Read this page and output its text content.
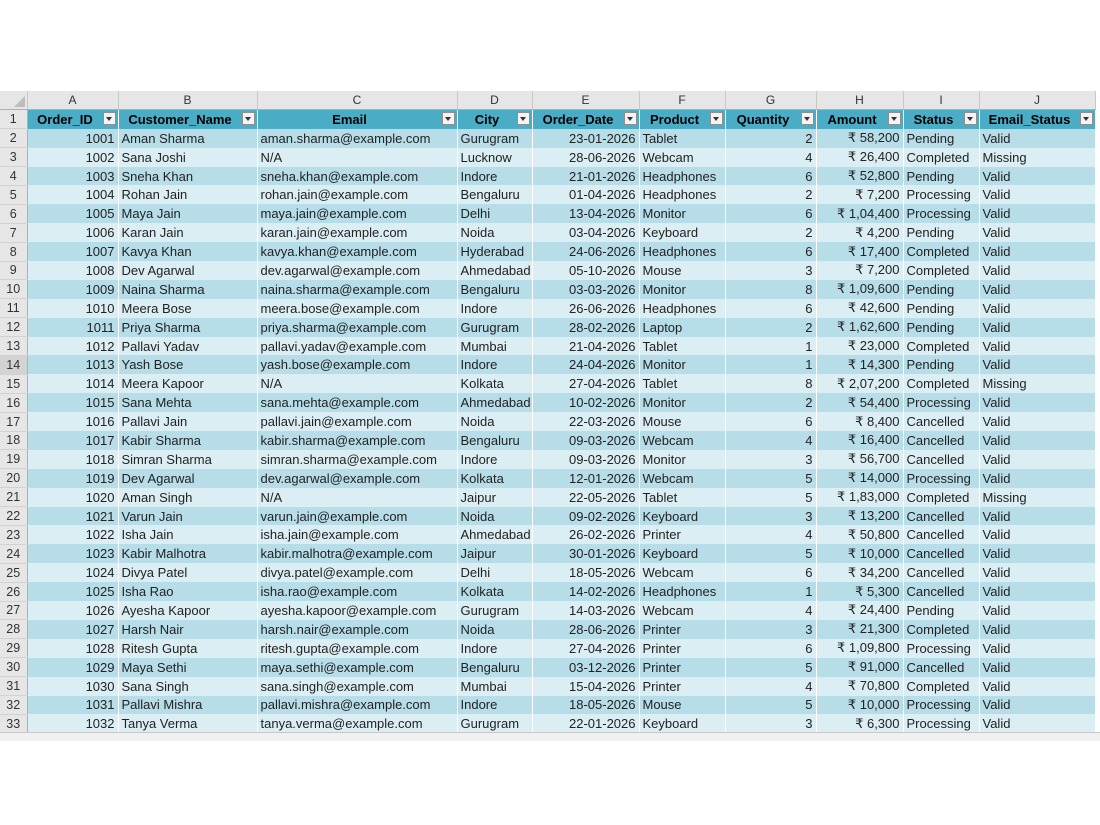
	A	B	C	D	E	F	G	H	I	J
1	Order_ID	Customer_Name	Email	City	Order_Date	Product	Quantity	Amount	Status	Email_Status

2	1001	Aman Sharma	aman.sharma@example.com	Gurugram	23-01-2026	Tablet	2	₹ 58,200	Pending	Valid
3	1002	Sana Joshi	N/A	Lucknow	28-06-2026	Webcam	4	₹ 26,400	Completed	Missing
4	1003	Sneha Khan	sneha.khan@example.com	Indore	21-01-2026	Headphones	6	₹ 52,800	Pending	Valid
5	1004	Rohan Jain	rohan.jain@example.com	Bengaluru	01-04-2026	Headphones	2	₹ 7,200	Processing	Valid
6	1005	Maya Jain	maya.jain@example.com	Delhi	13-04-2026	Monitor	6	₹ 1,04,400	Processing	Valid
7	1006	Karan Jain	karan.jain@example.com	Noida	03-04-2026	Keyboard	2	₹ 4,200	Pending	Valid
8	1007	Kavya Khan	kavya.khan@example.com	Hyderabad	24-06-2026	Headphones	6	₹ 17,400	Completed	Valid
9	1008	Dev Agarwal	dev.agarwal@example.com	Ahmedabad	05-10-2026	Mouse	3	₹ 7,200	Completed	Valid
10	1009	Naina Sharma	naina.sharma@example.com	Bengaluru	03-03-2026	Monitor	8	₹ 1,09,600	Pending	Valid
11	1010	Meera Bose	meera.bose@example.com	Indore	26-06-2026	Headphones	6	₹ 42,600	Pending	Valid
12	1011	Priya Sharma	priya.sharma@example.com	Gurugram	28-02-2026	Laptop	2	₹ 1,62,600	Pending	Valid
13	1012	Pallavi Yadav	pallavi.yadav@example.com	Mumbai	21-04-2026	Tablet	1	₹ 23,000	Completed	Valid
14	1013	Yash Bose	yash.bose@example.com	Indore	24-04-2026	Monitor	1	₹ 14,300	Pending	Valid
15	1014	Meera Kapoor	N/A	Kolkata	27-04-2026	Tablet	8	₹ 2,07,200	Completed	Missing
16	1015	Sana Mehta	sana.mehta@example.com	Ahmedabad	10-02-2026	Monitor	2	₹ 54,400	Processing	Valid
17	1016	Pallavi Jain	pallavi.jain@example.com	Noida	22-03-2026	Mouse	6	₹ 8,400	Cancelled	Valid
18	1017	Kabir Sharma	kabir.sharma@example.com	Bengaluru	09-03-2026	Webcam	4	₹ 16,400	Cancelled	Valid
19	1018	Simran Sharma	simran.sharma@example.com	Indore	09-03-2026	Monitor	3	₹ 56,700	Cancelled	Valid
20	1019	Dev Agarwal	dev.agarwal@example.com	Kolkata	12-01-2026	Webcam	5	₹ 14,000	Processing	Valid
21	1020	Aman Singh	N/A	Jaipur	22-05-2026	Tablet	5	₹ 1,83,000	Completed	Missing
22	1021	Varun Jain	varun.jain@example.com	Noida	09-02-2026	Keyboard	3	₹ 13,200	Cancelled	Valid
23	1022	Isha Jain	isha.jain@example.com	Ahmedabad	26-02-2026	Printer	4	₹ 50,800	Cancelled	Valid
24	1023	Kabir Malhotra	kabir.malhotra@example.com	Jaipur	30-01-2026	Keyboard	5	₹ 10,000	Cancelled	Valid
25	1024	Divya Patel	divya.patel@example.com	Delhi	18-05-2026	Webcam	6	₹ 34,200	Cancelled	Valid
26	1025	Isha Rao	isha.rao@example.com	Kolkata	14-02-2026	Headphones	1	₹ 5,300	Cancelled	Valid
27	1026	Ayesha Kapoor	ayesha.kapoor@example.com	Gurugram	14-03-2026	Webcam	4	₹ 24,400	Pending	Valid
28	1027	Harsh Nair	harsh.nair@example.com	Noida	28-06-2026	Printer	3	₹ 21,300	Completed	Valid
29	1028	Ritesh Gupta	ritesh.gupta@example.com	Indore	27-04-2026	Printer	6	₹ 1,09,800	Processing	Valid
30	1029	Maya Sethi	maya.sethi@example.com	Bengaluru	03-12-2026	Printer	5	₹ 91,000	Cancelled	Valid
31	1030	Sana Singh	sana.singh@example.com	Mumbai	15-04-2026	Printer	4	₹ 70,800	Completed	Valid
32	1031	Pallavi Mishra	pallavi.mishra@example.com	Indore	18-05-2026	Mouse	5	₹ 10,000	Processing	Valid
33	1032	Tanya Verma	tanya.verma@example.com	Gurugram	22-01-2026	Keyboard	3	₹ 6,300	Processing	Valid
